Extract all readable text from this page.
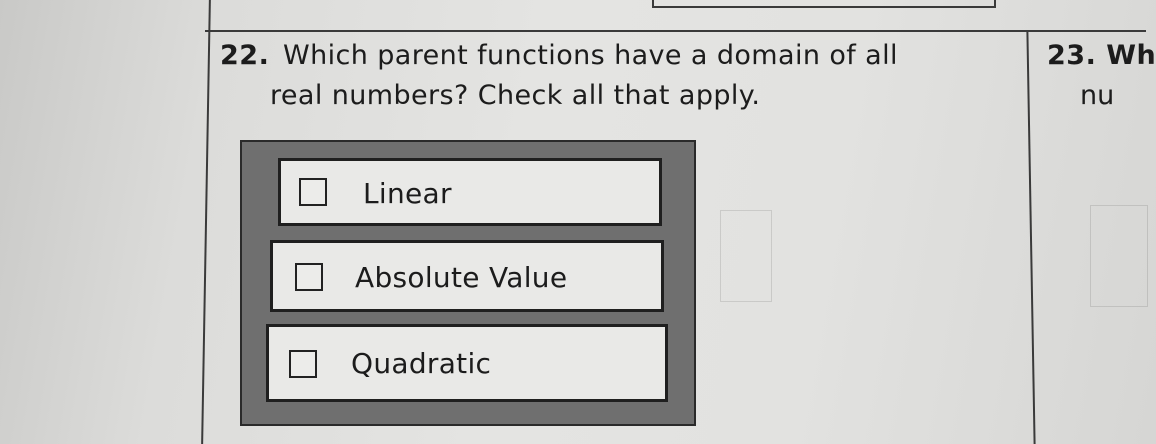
22. Which parent functions have a domain of all
real numbers? Check all that apply.
23. Wh
nu
Linear
Absolute Value
Quadratic
